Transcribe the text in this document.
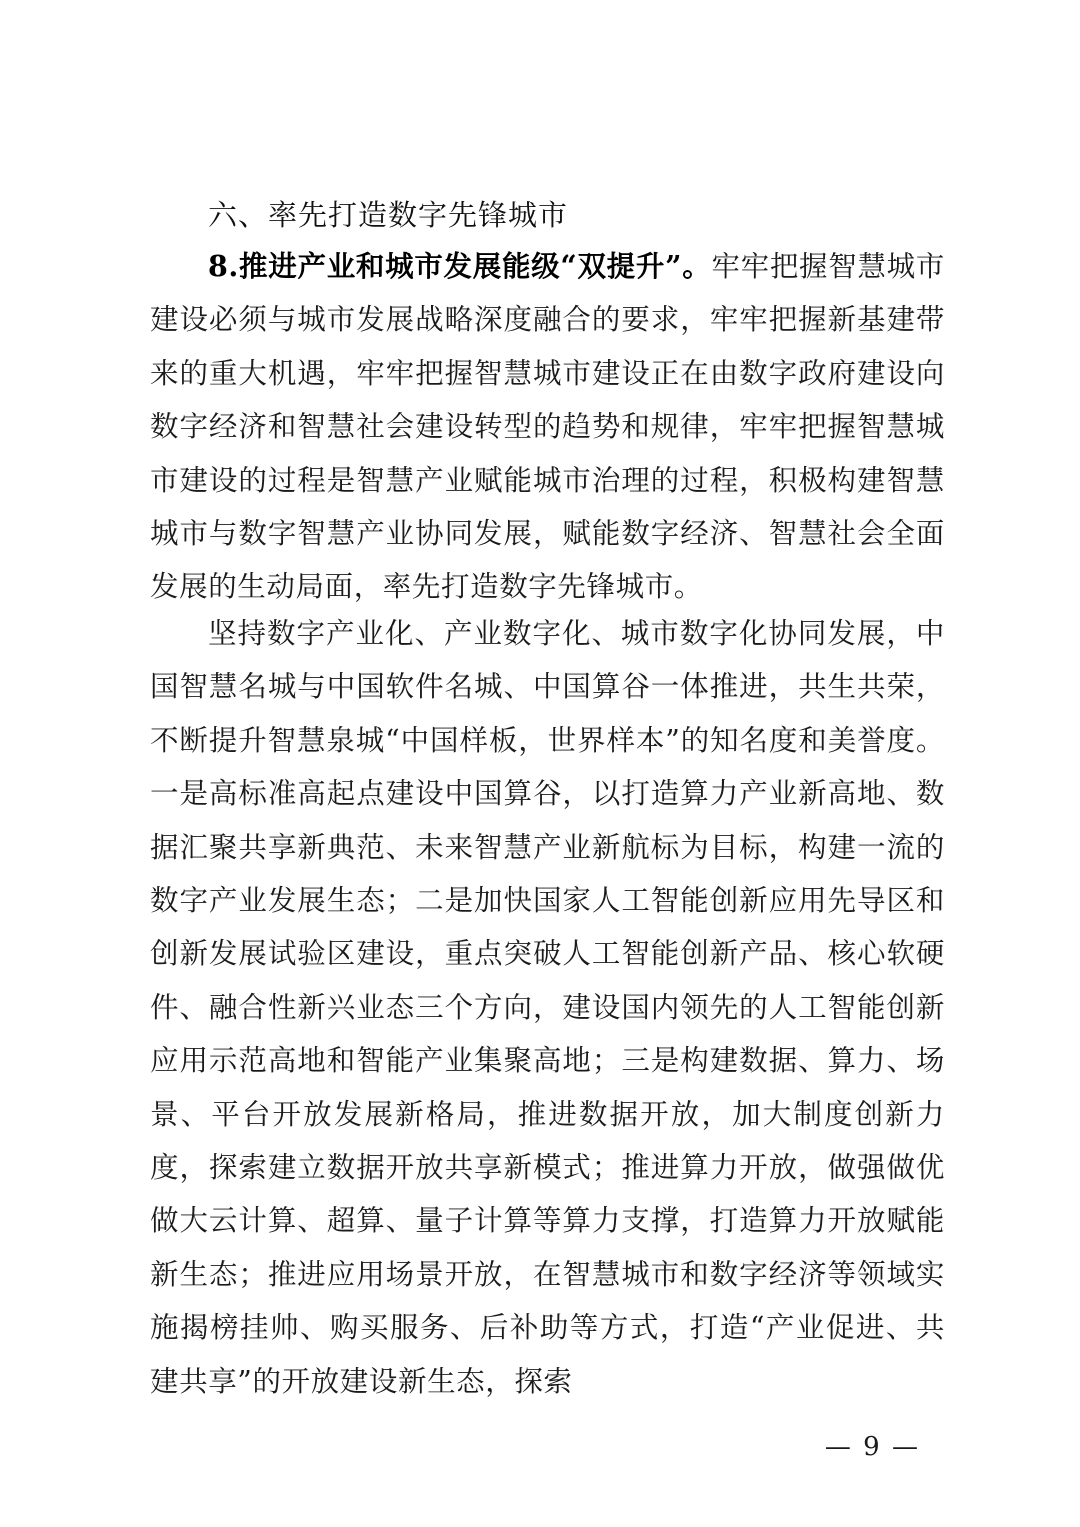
六、率先打造数字先锋城市

8.推进产业和城市发展能级“双提升”。牢牢把握智慧城市建设必须与城市发展战略深度融合的要求，牢牢把握新基建带来的重大机遇，牢牢把握智慧城市建设正在由数字政府建设向数字经济和智慧社会建设转型的趋势和规律，牢牢把握智慧城市建设的过程是智慧产业赋能城市治理的过程，积极构建智慧城市与数字智慧产业协同发展，赋能数字经济、智慧社会全面发展的生动局面，率先打造数字先锋城市。

坚持数字产业化、产业数字化、城市数字化协同发展，中国智慧名城与中国软件名城、中国算谷一体推进，共生共荣，不断提升智慧泉城“中国样板，世界样本”的知名度和美誉度。一是高标准高起点建设中国算谷，以打造算力产业新高地、数据汇聚共享新典范、未来智慧产业新航标为目标，构建一流的数字产业发展生态；二是加快国家人工智能创新应用先导区和创新发展试验区建设，重点突破人工智能创新产品、核心软硬件、融合性新兴业态三个方向，建设国内领先的人工智能创新应用示范高地和智能产业集聚高地；三是构建数据、算力、场景、平台开放发展新格局，推进数据开放，加大制度创新力度，探索建立数据开放共享新模式；推进算力开放，做强做优做大云计算、超算、量子计算等算力支撑，打造算力开放赋能新生态；推进应用场景开放，在智慧城市和数字经济等领域实施揭榜挂帅、购买服务、后补助等方式，打造“产业促进、共建共享”的开放建设新生态，探索

— 9 —
